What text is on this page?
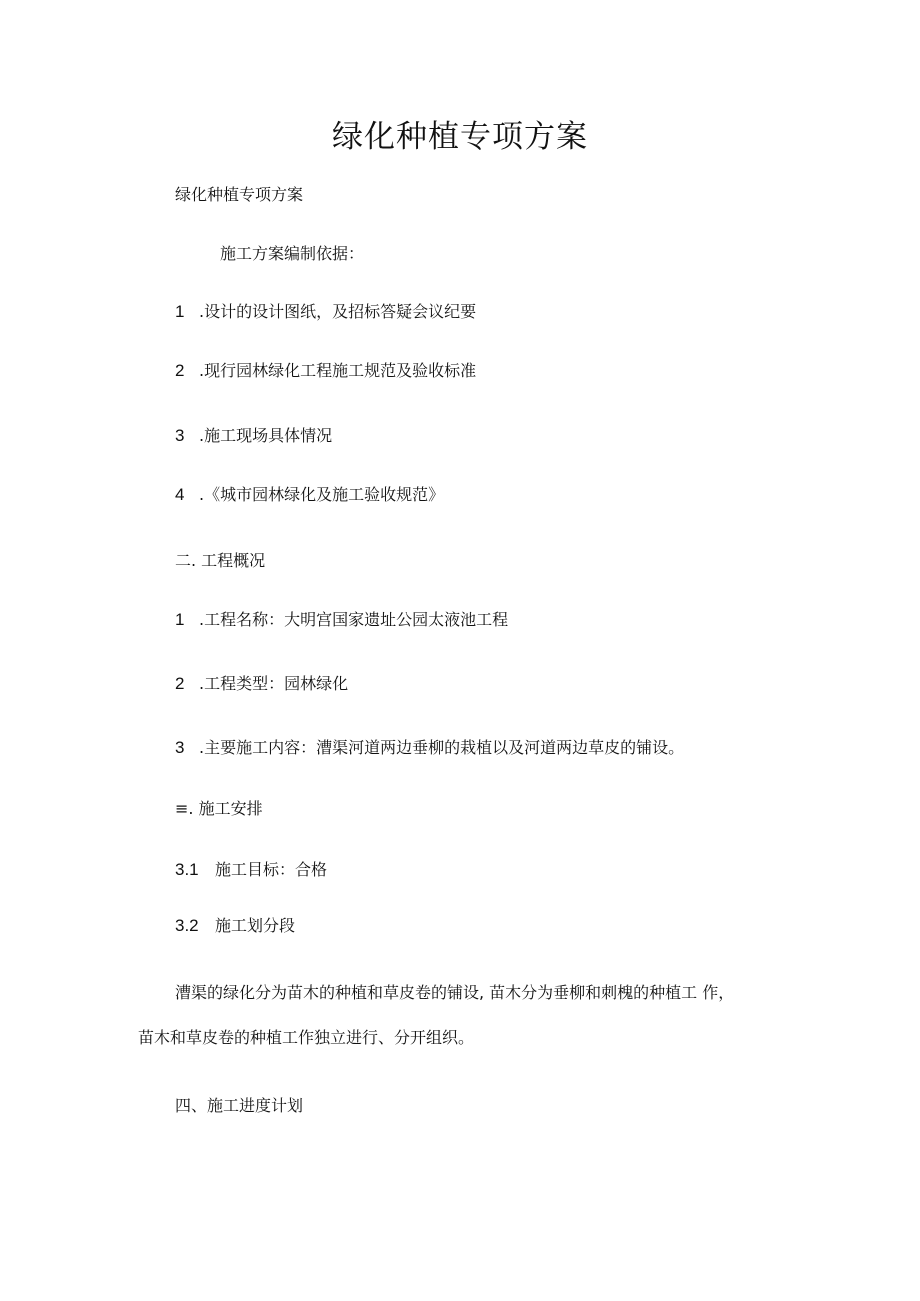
绿化种植专项方案
绿化种植专项方案
施工方案编制依据：
1 .设计的设计图纸，及招标答疑会议纪要
2 .现行园林绿化工程施工规范及验收标准
3 .施工现场具体情况
4 .《城市园林绿化及施工验收规范》
二. 工程概况
1 .工程名称：大明宫国家遗址公园太液池工程
2 .工程类型：园林绿化
3 .主要施工内容：漕渠河道两边垂柳的栽植以及河道两边草皮的铺设。
≡. 施工安排
3.1 施工目标：合格
3.2 施工划分段
漕渠的绿化分为苗木的种植和草皮卷的铺设, 苗木分为垂柳和刺槐的种植工 作，
苗木和草皮卷的种植工作独立进行、分开组织。
四、施工进度计划
